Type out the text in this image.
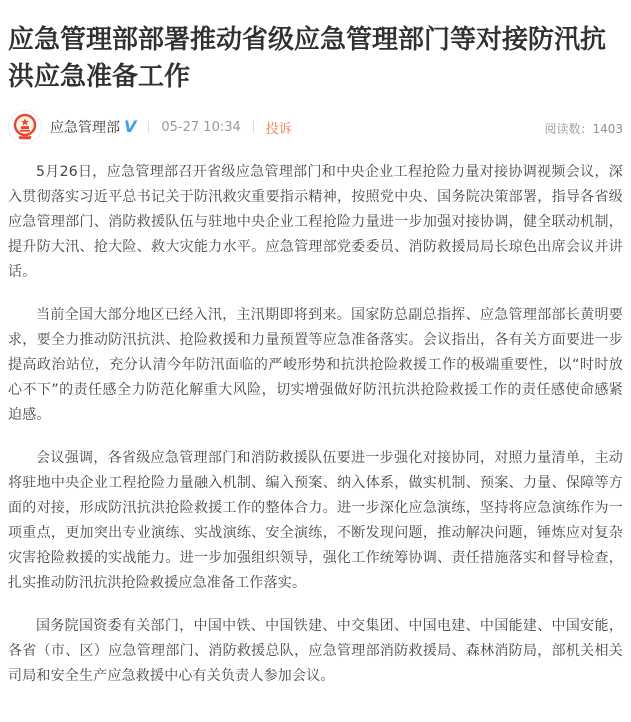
应急管理部部署推动省级应急管理部门等对接防汛抗洪应急准备工作
应急管理部 V 05-27 10:34 投诉	阅读数：1403

5月26日，应急管理部召开省级应急管理部门和中央企业工程抢险力量对接协调视频会议，深入贯彻落实习近平总书记关于防汛救灾重要指示精神，按照党中央、国务院决策部署，指导各省级应急管理部门、消防救援队伍与驻地中央企业工程抢险力量进一步加强对接协调，健全联动机制，提升防大汛、抢大险、救大灾能力水平。应急管理部党委委员、消防救援局局长琼色出席会议并讲话。

当前全国大部分地区已经入汛，主汛期即将到来。国家防总副总指挥、应急管理部部长黄明要求，要全力推动防汛抗洪、抢险救援和力量预置等应急准备落实。会议指出，各有关方面要进一步提高政治站位，充分认清今年防汛面临的严峻形势和抗洪抢险救援工作的极端重要性，以“时时放心不下”的责任感全力防范化解重大风险，切实增强做好防汛抗洪抢险救援工作的责任感使命感紧迫感。

会议强调，各省级应急管理部门和消防救援队伍要进一步强化对接协同，对照力量清单，主动将驻地中央企业工程抢险力量融入机制、编入预案、纳入体系，做实机制、预案、力量、保障等方面的对接，形成防汛抗洪抢险救援工作的整体合力。进一步深化应急演练，坚持将应急演练作为一项重点，更加突出专业演练、实战演练、安全演练，不断发现问题，推动解决问题，锤炼应对复杂灾害抢险救援的实战能力。进一步加强组织领导，强化工作统筹协调、责任措施落实和督导检查，扎实推动防汛抗洪抢险救援应急准备工作落实。

国务院国资委有关部门，中国中铁、中国铁建、中交集团、中国电建、中国能建、中国安能，各省（市、区）应急管理部门、消防救援总队，应急管理部消防救援局、森林消防局，部机关相关司局和安全生产应急救援中心有关负责人参加会议。
